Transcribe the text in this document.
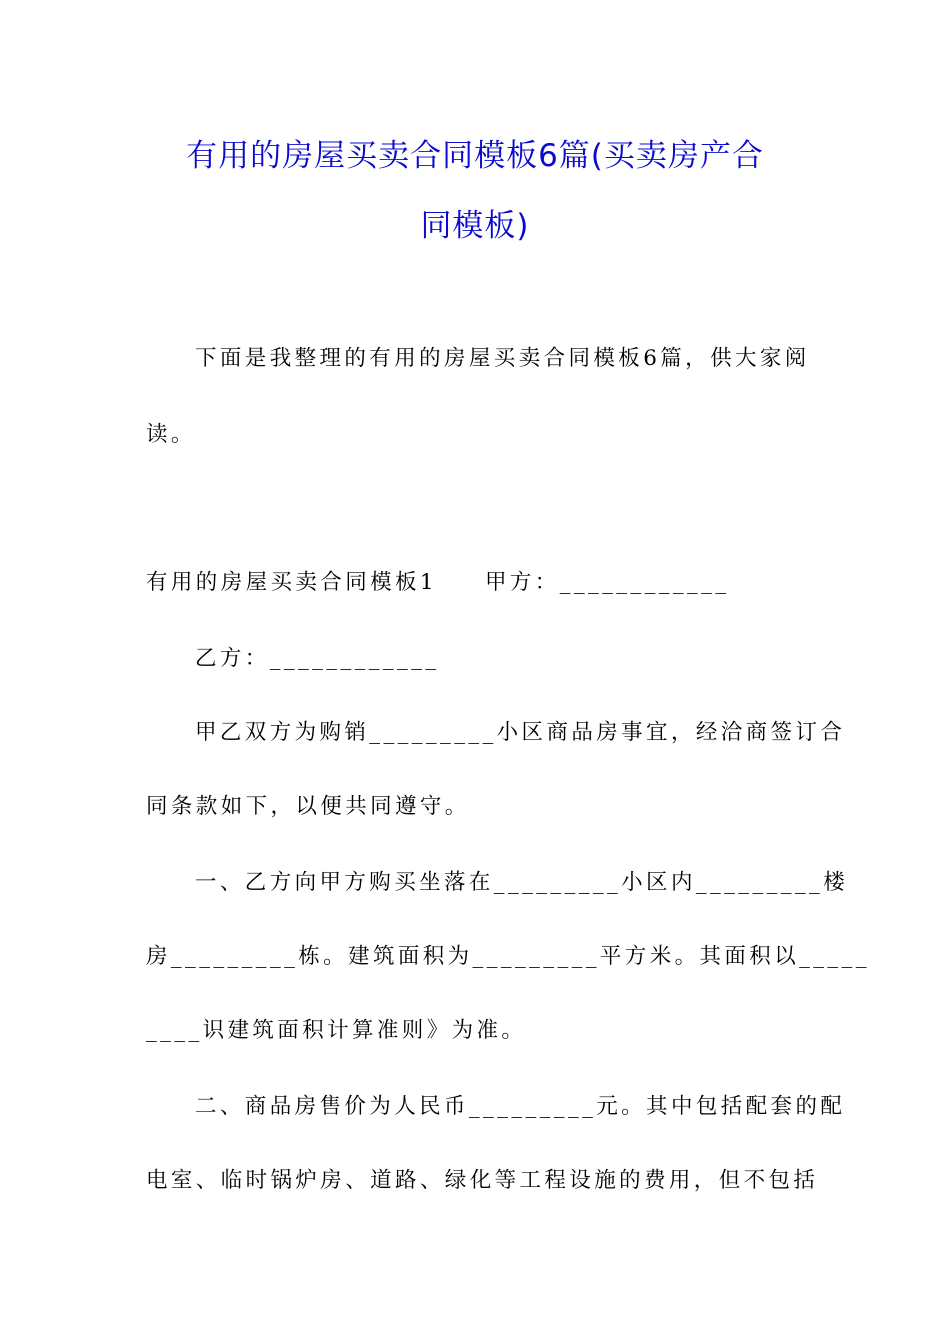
有用的房屋买卖合同模板6篇(买卖房产合
同模板)
下面是我整理的有用的房屋买卖合同模板6篇，供大家阅
读。
有用的房屋买卖合同模板1 甲方：____________
乙方：____________
甲乙双方为购销_________小区商品房事宜，经洽商签订合
同条款如下，以便共同遵守。
一、乙方向甲方购买坐落在_________小区内_________楼
房_________栋。建筑面积为_________平方米。其面积以_____
____识建筑面积计算准则》为准。
二、商品房售价为人民币_________元。其中包括配套的配
电室、临时锅炉房、道路、绿化等工程设施的费用，但不包括
